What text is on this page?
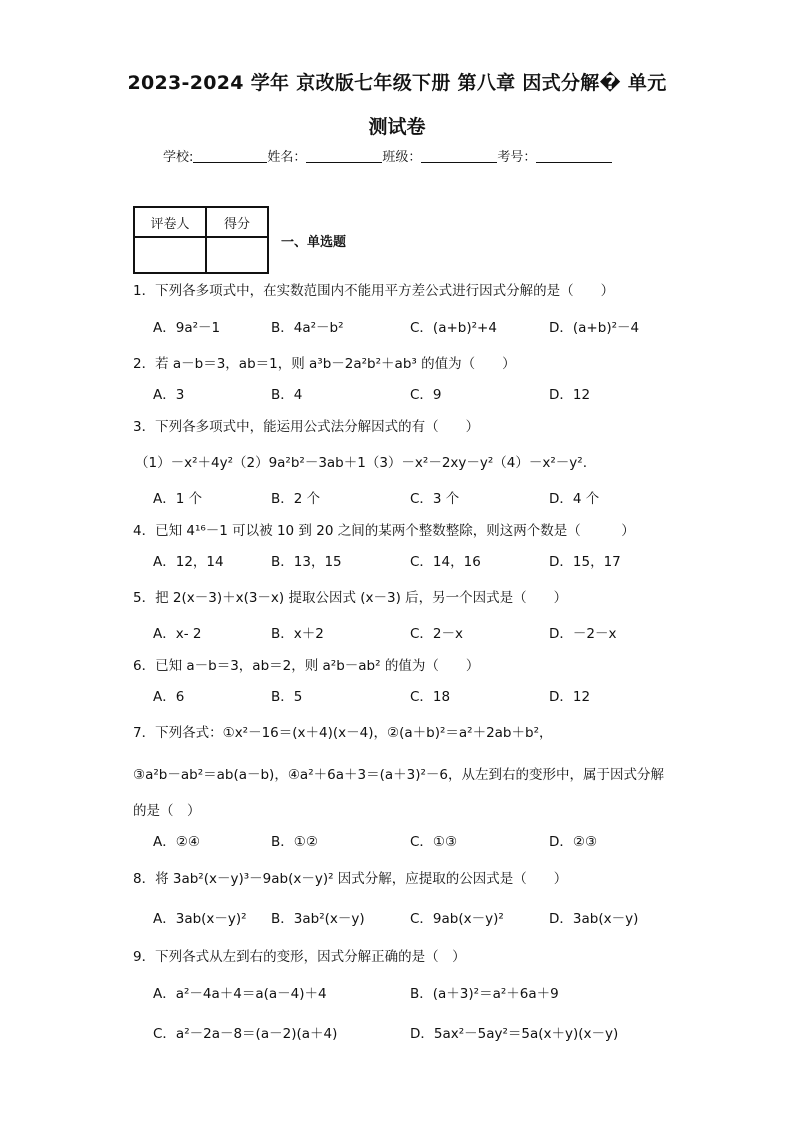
2023-2024 学年 京改版七年级下册 第八章 因式分解� 单元
测试卷
学校:	姓名：	班级：	考号：
评卷人	得分

一、单选题
1．下列各多项式中，在实数范围内不能用平方差公式进行因式分解的是（　　）
A．9a²－1	B．4a²－b²	C．(a+b)²+4	D．(a+b)²－4
2．若 a－b＝3，ab＝1，则 a³b－2a²b²＋ab³ 的值为（　　）
A．3	B．4	C．9	D．12
3．下列各多项式中，能运用公式法分解因式的有（　　）
（1）－x²＋4y²（2）9a²b²－3ab＋1（3）－x²－2xy－y²（4）－x²－y².
A．1 个	B．2 个	C．3 个	D．4 个
4．已知 4¹⁶－1 可以被 10 到 20 之间的某两个整数整除，则这两个数是（　　　）
A．12，14	B．13，15	C．14，16	D．15，17
5．把 2(x－3)＋x(3－x) 提取公因式 (x－3) 后，另一个因式是（　　）
A．x- 2	B．x＋2	C．2－x	D．－2－x
6．已知 a－b＝3，ab＝2，则 a²b－ab² 的值为（　　）
A．6	B．5	C．18	D．12
7．下列各式：①x²－16＝(x＋4)(x－4)，②(a＋b)²＝a²＋2ab＋b²，
③a²b－ab²＝ab(a－b)，④a²＋6a＋3＝(a＋3)²－6，从左到右的变形中，属于因式分解
的是（　）
A．②④	B．①②	C．①③	D．②③
8．将 3ab²(x－y)³－9ab(x－y)² 因式分解，应提取的公因式是（　　）
A．3ab(x－y)² B．3ab²(x－y)	C．9ab(x－y)²	D．3ab(x－y)
9．下列各式从左到右的变形，因式分解正确的是（　）
A．a²－4a＋4＝a(a－4)＋4	B．(a＋3)²＝a²＋6a＋9
C．a²－2a－8＝(a－2)(a＋4)	D．5ax²－5ay²＝5a(x＋y)(x－y)
